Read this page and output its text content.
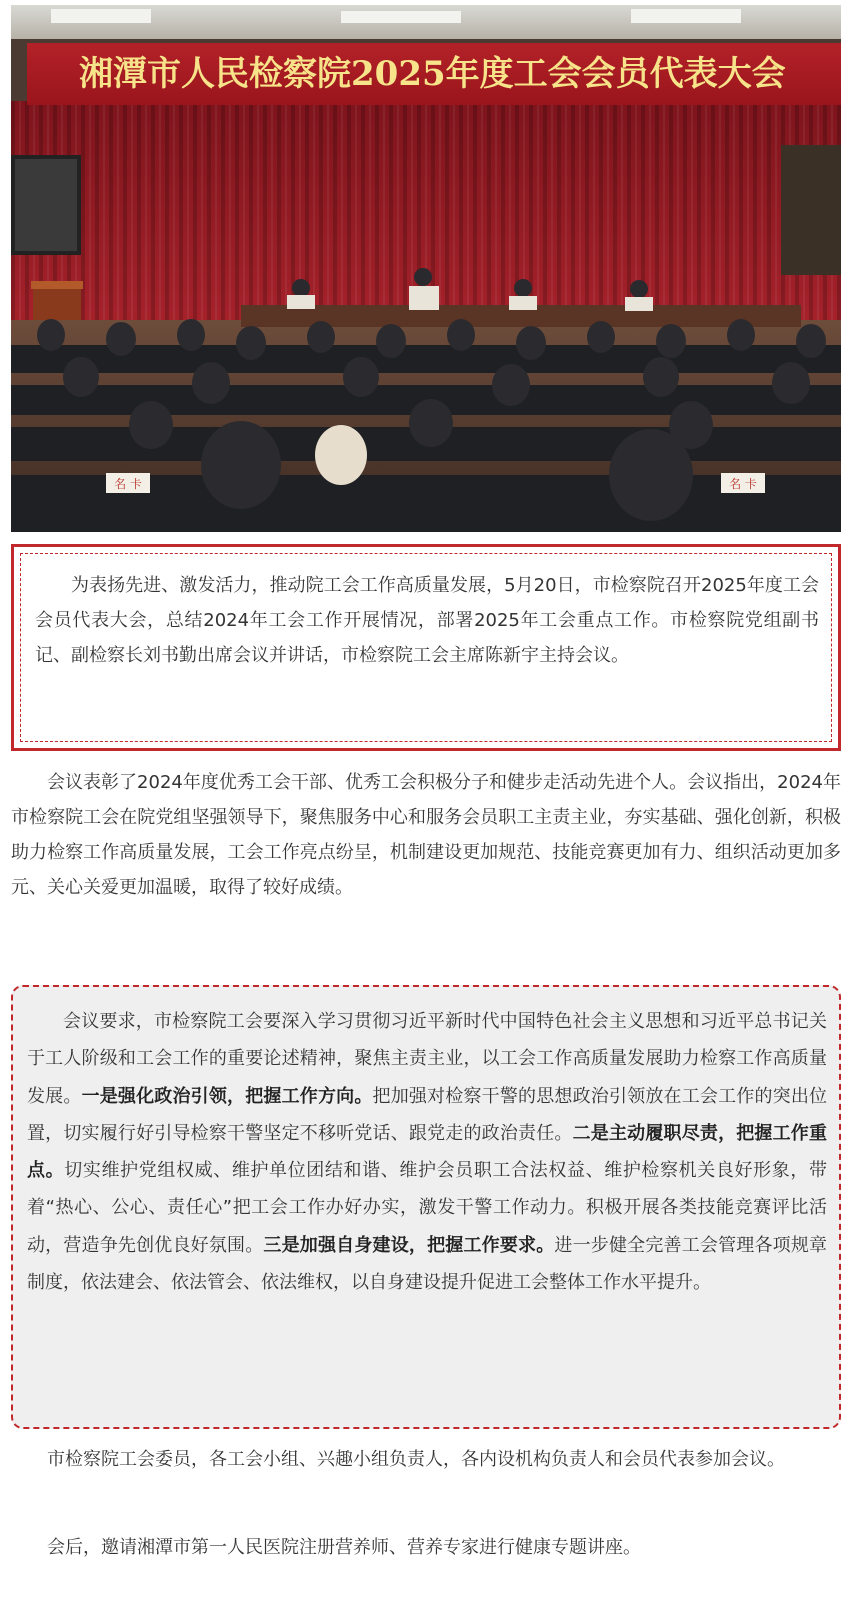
名 卡	名 卡
湘潭市人民检察院2025年度工会会员代表大会

为表扬先进、激发活力，推动院工会工作高质量发展，5月20日，市检察院召开2025年度工会会员代表大会，总结2024年工会工作开展情况，部署2025年工会重点工作。市检察院党组副书记、副检察长刘书勤出席会议并讲话，市检察院工会主席陈新宇主持会议。

会议表彰了2024年度优秀工会干部、优秀工会积极分子和健步走活动先进个人。会议指出，2024年市检察院工会在院党组坚强领导下，聚焦服务中心和服务会员职工主责主业，夯实基础、强化创新，积极助力检察工作高质量发展，工会工作亮点纷呈，机制建设更加规范、技能竞赛更加有力、组织活动更加多元、关心关爱更加温暖，取得了较好成绩。

会议要求，市检察院工会要深入学习贯彻习近平新时代中国特色社会主义思想和习近平总书记关于工人阶级和工会工作的重要论述精神，聚焦主责主业，以工会工作高质量发展助力检察工作高质量发展。一是强化政治引领，把握工作方向。把加强对检察干警的思想政治引领放在工会工作的突出位置，切实履行好引导检察干警坚定不移听党话、跟党走的政治责任。二是主动履职尽责，把握工作重点。切实维护党组权威、维护单位团结和谐、维护会员职工合法权益、维护检察机关良好形象，带着“热心、公心、责任心”把工会工作办好办实，激发干警工作动力。积极开展各类技能竞赛评比活动，营造争先创优良好氛围。三是加强自身建设，把握工作要求。进一步健全完善工会管理各项规章制度，依法建会、依法管会、依法维权，以自身建设提升促进工会整体工作水平提升。

市检察院工会委员，各工会小组、兴趣小组负责人，各内设机构负责人和会员代表参加会议。

会后，邀请湘潭市第一人民医院注册营养师、营养专家进行健康专题讲座。
